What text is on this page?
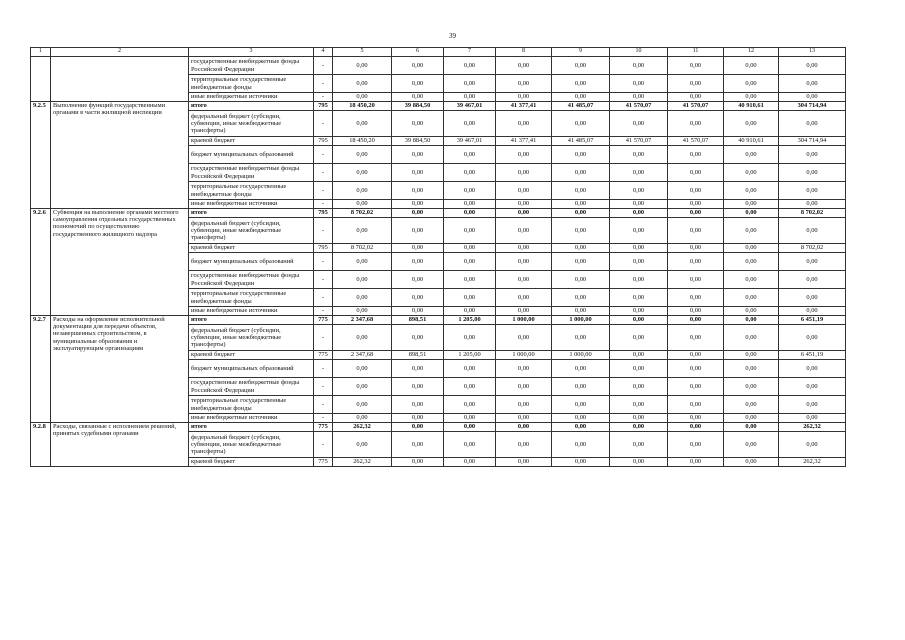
39
1	2	3	4	5	6	7	8	9	10	11	12	13
		государственные внебюджетные фонды Российской Федерации	-	0,00	0,00	0,00	0,00	0,00	0,00	0,00	0,00	0,00
		территориальные государственные внебюджетные фонды	-	0,00	0,00	0,00	0,00	0,00	0,00	0,00	0,00	0,00
		иные внебюджетные источники	-	0,00	0,00	0,00	0,00	0,00	0,00	0,00	0,00	0,00
9.2.5	Выполнение функций государственными органами в части жилищной инспекции	итого	795	18 450,20	39 884,50	39 467,01	41 377,41	41 485,07	41 570,07	41 570,07	40 910,61	304 714,94
		федеральный бюджет (субсидии, субвенции, иные межбюджетные трансферты)	-	0,00	0,00	0,00	0,00	0,00	0,00	0,00	0,00	0,00
		краевой бюджет	795	18 450,20	39 884,50	39 467,01	41 377,41	41 485,07	41 570,07	41 570,07	40 910,61	304 714,94
		бюджет муниципальных образований	-	0,00	0,00	0,00	0,00	0,00	0,00	0,00	0,00	0,00
		государственные внебюджетные фонды Российской Федерации	-	0,00	0,00	0,00	0,00	0,00	0,00	0,00	0,00	0,00
		территориальные государственные внебюджетные фонды	-	0,00	0,00	0,00	0,00	0,00	0,00	0,00	0,00	0,00
		иные внебюджетные источники	-	0,00	0,00	0,00	0,00	0,00	0,00	0,00	0,00	0,00
9.2.6	Субвенция на выполнение органами местного самоуправления отдельных государственных полномочий по осуществлению государственного жилищного надзора	итого	795	8 702,02	0,00	0,00	0,00	0,00	0,00	0,00	0,00	8 702,02
		федеральный бюджет (субсидии, субвенции, иные межбюджетные трансферты)	-	0,00	0,00	0,00	0,00	0,00	0,00	0,00	0,00	0,00
		краевой бюджет	795	8 702,02	0,00	0,00	0,00	0,00	0,00	0,00	0,00	8 702,02
		бюджет муниципальных образований	-	0,00	0,00	0,00	0,00	0,00	0,00	0,00	0,00	0,00
		государственные внебюджетные фонды Российской Федерации	-	0,00	0,00	0,00	0,00	0,00	0,00	0,00	0,00	0,00
		территориальные государственные внебюджетные фонды	-	0,00	0,00	0,00	0,00	0,00	0,00	0,00	0,00	0,00
		иные внебюджетные источники	-	0,00	0,00	0,00	0,00	0,00	0,00	0,00	0,00	0,00
9.2.7	Расходы на оформление исполнительной документации для передачи объектов, незавершенных строительством, в муниципальные образования и эксплуатирующим организациям	итого	775	2 347,68	898,51	1 205,00	1 000,00	1 000,00	0,00	0,00	0,00	6 451,19
		федеральный бюджет (субсидии, субвенции, иные межбюджетные трансферты)	-	0,00	0,00	0,00	0,00	0,00	0,00	0,00	0,00	0,00
		краевой бюджет	775	2 347,68	898,51	1 205,00	1 000,00	1 000,00	0,00	0,00	0,00	6 451,19
		бюджет муниципальных образований	-	0,00	0,00	0,00	0,00	0,00	0,00	0,00	0,00	0,00
		государственные внебюджетные фонды Российской Федерации	-	0,00	0,00	0,00	0,00	0,00	0,00	0,00	0,00	0,00
		территориальные государственные внебюджетные фонды	-	0,00	0,00	0,00	0,00	0,00	0,00	0,00	0,00	0,00
		иные внебюджетные источники	-	0,00	0,00	0,00	0,00	0,00	0,00	0,00	0,00	0,00
9.2.8	Расходы, связанные с исполнением решений, принятых судебными органами	итого	775	262,32	0,00	0,00	0,00	0,00	0,00	0,00	0,00	262,32
		федеральный бюджет (субсидии, субвенции, иные межбюджетные трансферты)	-	0,00	0,00	0,00	0,00	0,00	0,00	0,00	0,00	0,00
		краевой бюджет	775	262,32	0,00	0,00	0,00	0,00	0,00	0,00	0,00	262,32
